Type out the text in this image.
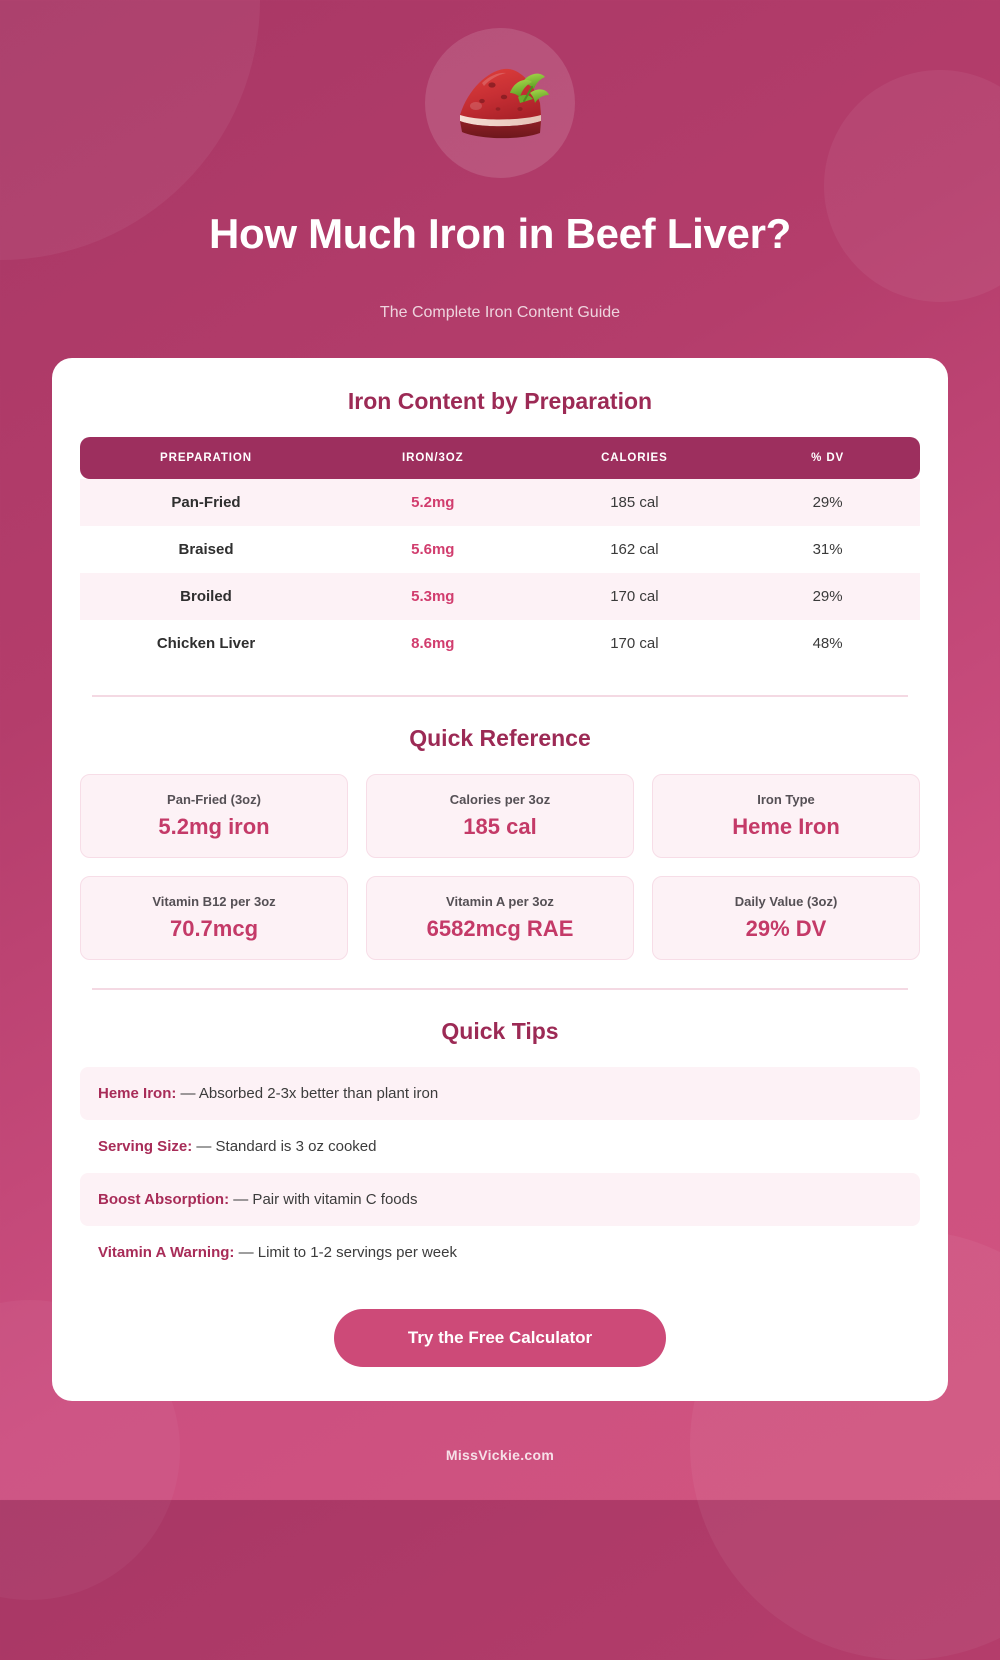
How Much Iron in Beef Liver?
The Complete Iron Content Guide
Iron Content by Preparation
PREPARATION	IRON/3OZ	CALORIES	% DV
Pan-Fried	5.2mg	185 cal	29%
Braised	5.6mg	162 cal	31%
Broiled	5.3mg	170 cal	29%
Chicken Liver	8.6mg	170 cal	48%
Quick Reference
Pan-Fried (3oz)
5.2mg iron
Calories per 3oz
185 cal
Iron Type
Heme Iron
Vitamin B12 per 3oz
70.7mcg
Vitamin A per 3oz
6582mcg RAE
Daily Value (3oz)
29% DV
Quick Tips
Heme Iron: — Absorbed 2-3x better than plant iron
Serving Size: — Standard is 3 oz cooked
Boost Absorption: — Pair with vitamin C foods
Vitamin A Warning: — Limit to 1-2 servings per week
Try the Free Calculator
MissVickie.com
